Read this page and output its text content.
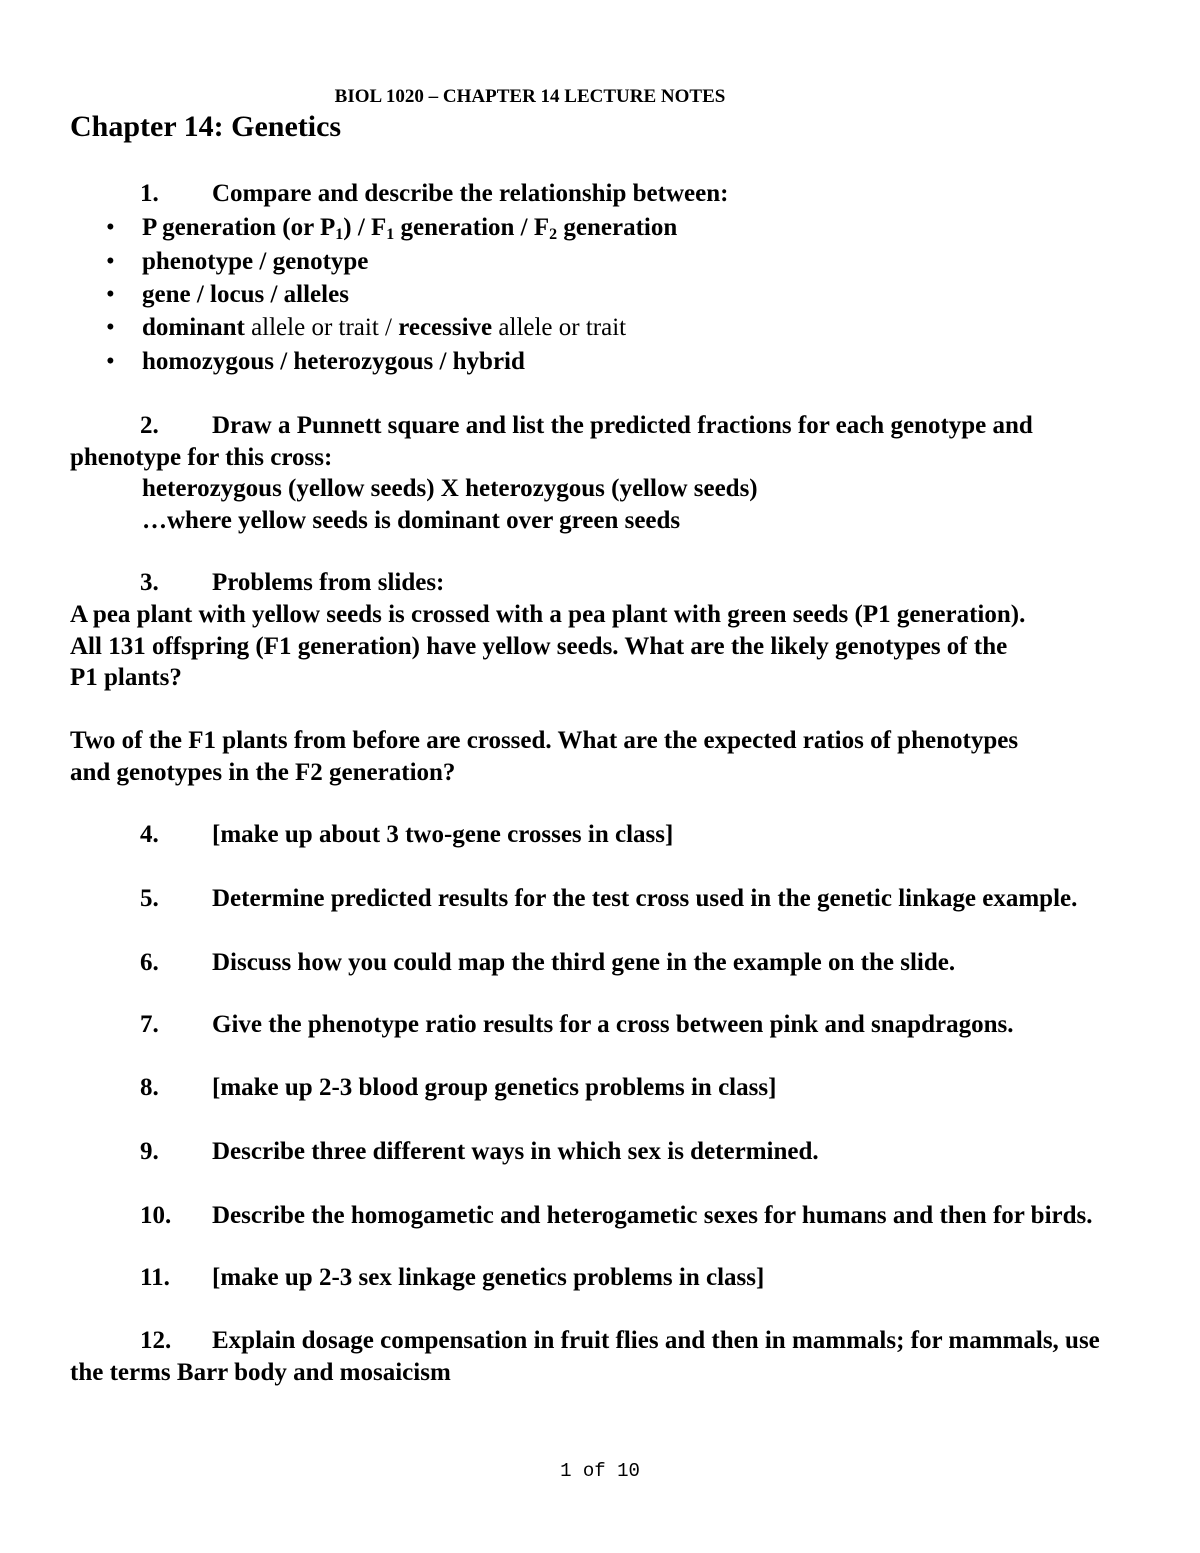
BIOL 1020 – CHAPTER 14 LECTURE NOTES
Chapter 14: Genetics
1. Compare and describe the relationship between:
• P generation (or $P_1) / F_1$ generation / $F_2$ generation
• phenotype / genotype
• gene / locus / alleles
• dominant allele or trait / recessive allele or trait
• homozygous / heterozygous / hybrid
2. Draw a Punnett square and list the predicted fractions for each genotype and
phenotype for this cross:
heterozygous (yellow seeds) X heterozygous (yellow seeds)
…where yellow seeds is dominant over green seeds
3. Problems from slides:
A pea plant with yellow seeds is crossed with a pea plant with green seeds (P1 generation).
All 131 offspring (F1 generation) have yellow seeds. What are the likely genotypes of the
P1 plants?
Two of the F1 plants from before are crossed. What are the expected ratios of phenotypes
and genotypes in the F2 generation?
4. [make up about 3 two-gene crosses in class]
5. Determine predicted results for the test cross used in the genetic linkage example.
6. Discuss how you could map the third gene in the example on the slide.
7. Give the phenotype ratio results for a cross between pink and snapdragons.
8. [make up 2-3 blood group genetics problems in class]
9. Describe three different ways in which sex is determined.
10. Describe the homogametic and heterogametic sexes for humans and then for birds.
11. [make up 2-3 sex linkage genetics problems in class]
12. Explain dosage compensation in fruit flies and then in mammals; for mammals, use
the terms Barr body and mosaicism
1 of 10
